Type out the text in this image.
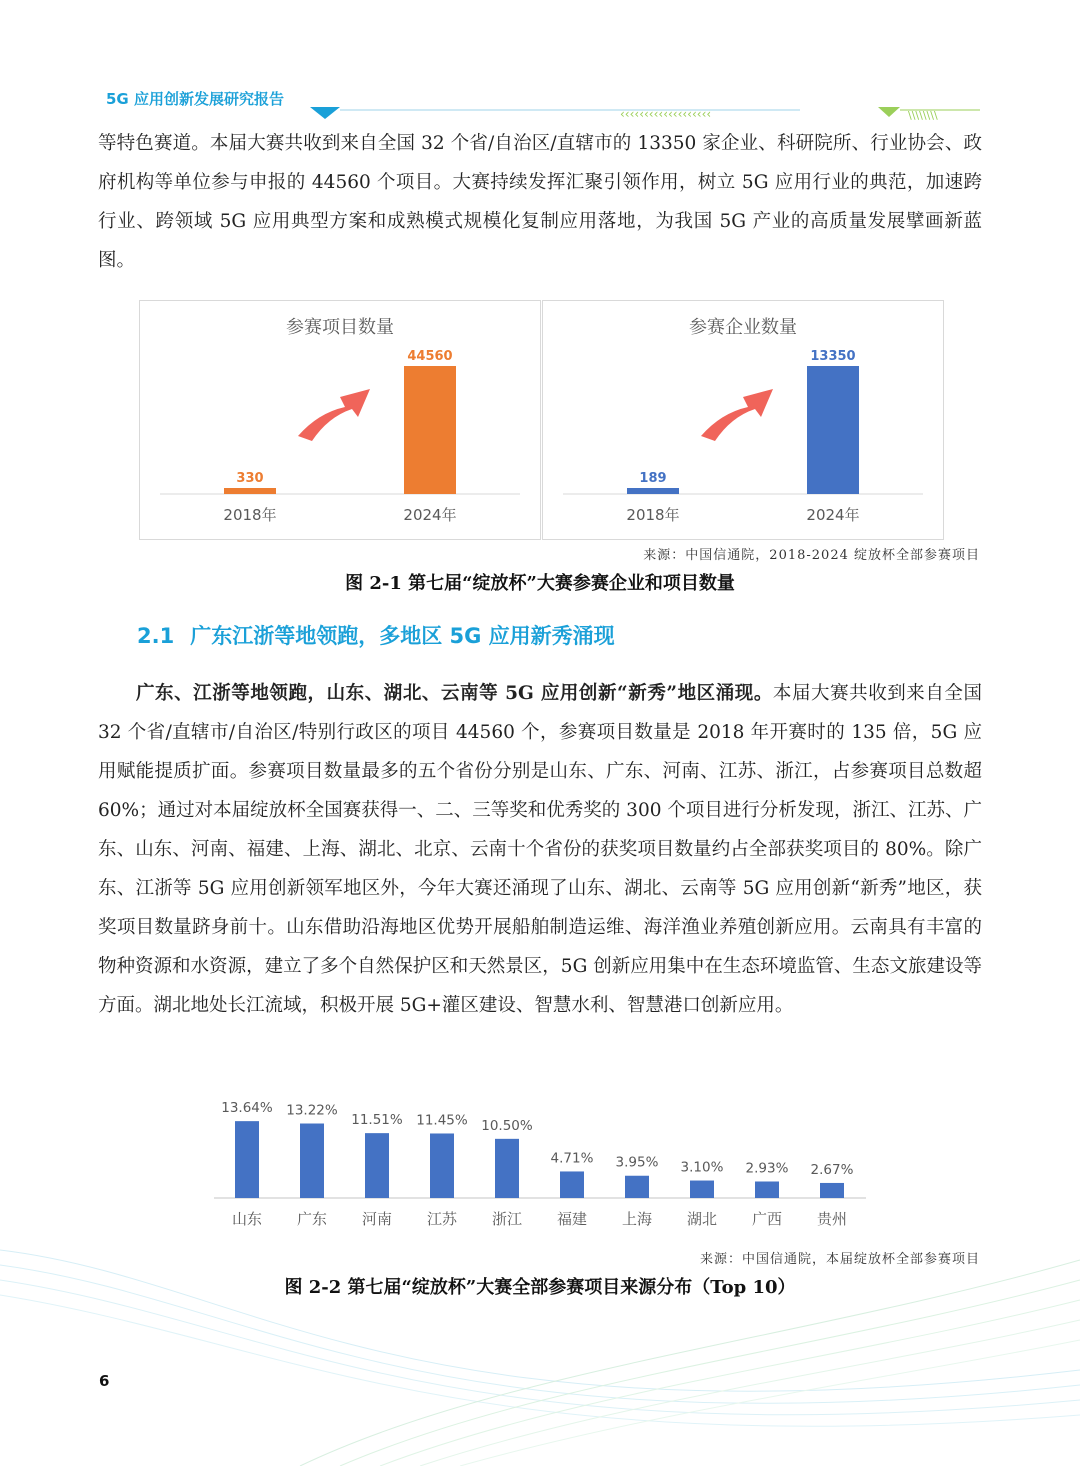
5G 应用创新发展研究报告
‹‹‹‹‹‹‹‹‹‹‹‹‹‹‹‹‹‹‹	\\\\\\\\

等特色赛道。本届大赛共收到来自全国 32 个省/自治区/直辖市的 13350 家企业、科研院所、行业协会、政府机构等单位参与申报的 44560 个项目。大赛持续发挥汇聚引领作用，树立 5G 应用行业的典范，加速跨行业、跨领域 5G 应用典型方案和成熟模式规模化复制应用落地，为我国 5G 产业的高质量发展擘画新蓝图。

参赛项目数量
330
2018年
44560
2024年
参赛企业数量
189
2018年
13350
2024年
来源：中国信通院，2018-2024 绽放杯全部参赛项目
图 2-1 第七届“绽放杯”大赛参赛企业和项目数量
2.1 广东江浙等地领跑，多地区 5G 应用新秀涌现

广东、江浙等地领跑，山东、湖北、云南等 5G 应用创新“新秀”地区涌现。本届大赛共收到来自全国 32 个省/直辖市/自治区/特别行政区的项目 44560 个，参赛项目数量是 2018 年开赛时的 135 倍，5G 应用赋能提质扩面。参赛项目数量最多的五个省份分别是山东、广东、河南、江苏、浙江，占参赛项目总数超 60%；通过对本届绽放杯全国赛获得一、二、三等奖和优秀奖的 300 个项目进行分析发现，浙江、江苏、广东、山东、河南、福建、上海、湖北、北京、云南十个省份的获奖项目数量约占全部获奖项目的 80%。除广东、江浙等 5G 应用创新领军地区外，今年大赛还涌现了山东、湖北、云南等 5G 应用创新“新秀”地区，获奖项目数量跻身前十。山东借助沿海地区优势开展船舶制造运维、海洋渔业养殖创新应用。云南具有丰富的物种资源和水资源，建立了多个自然保护区和天然景区，5G 创新应用集中在生态环境监管、生态文旅建设等方面。湖北地处长江流域，积极开展 5G+灌区建设、智慧水利、智慧港口创新应用。

13.64%
山东
13.22%
广东
11.51%
河南
11.45%
江苏
10.50%
浙江
4.71%
福建
3.95%
上海
3.10%
湖北
2.93%
广西
2.67%
贵州
来源：中国信通院，本届绽放杯全部参赛项目
图 2-2 第七届“绽放杯”大赛全部参赛项目来源分布（Top 10）
6
